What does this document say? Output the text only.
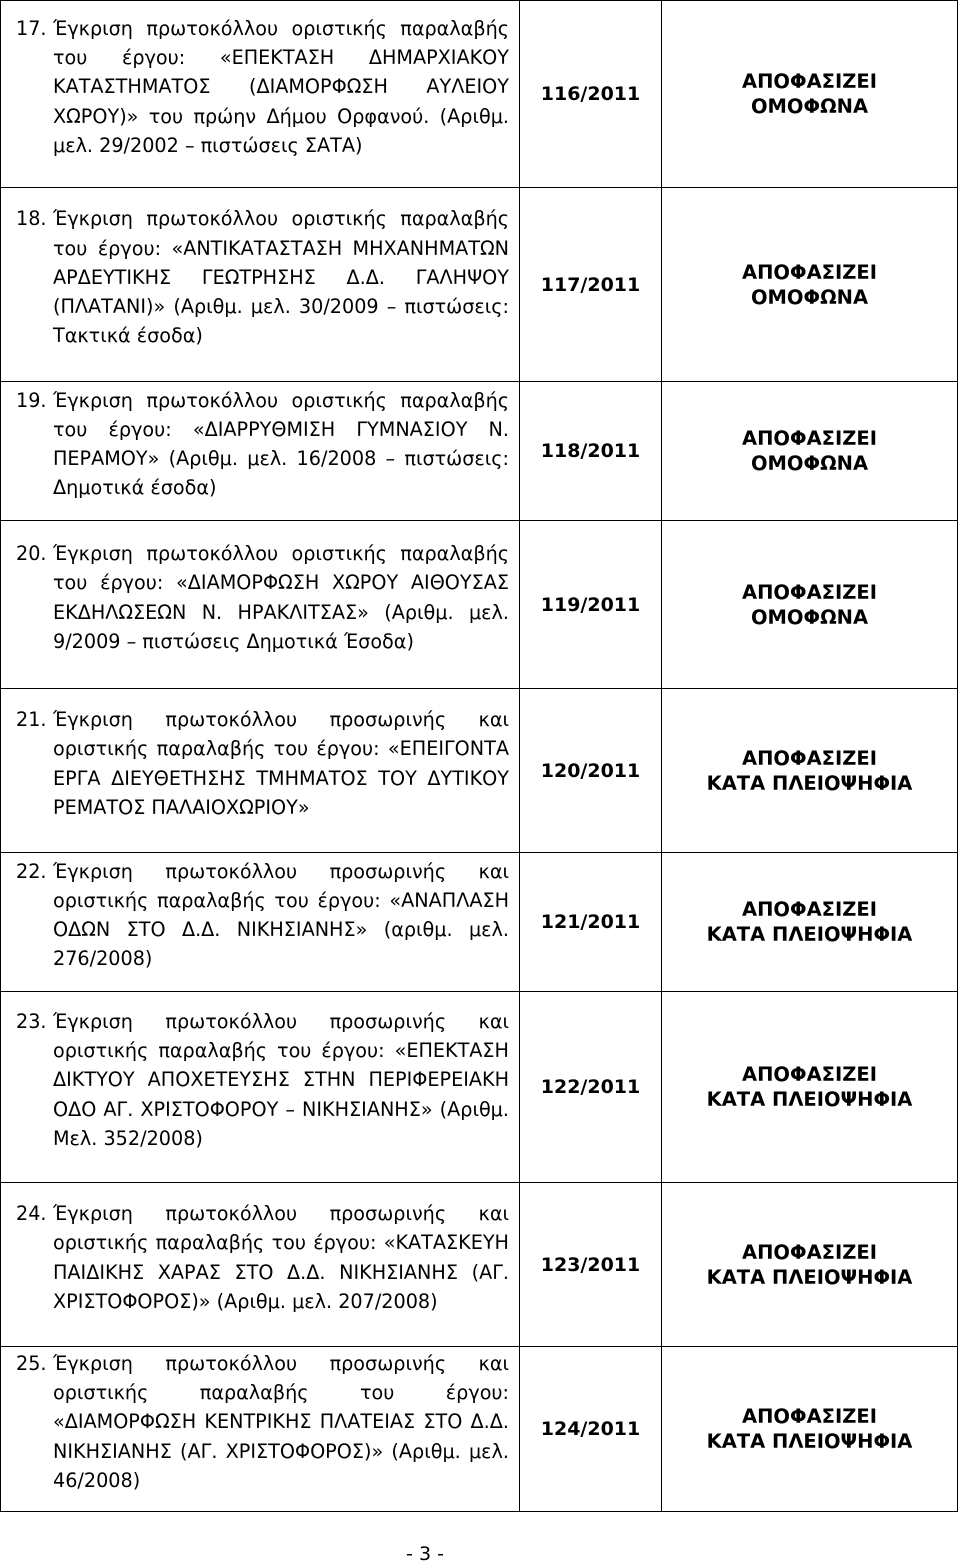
17. Έγκριση πρωτοκόλλου οριστικής παραλαβής του έργου: «ΕΠΕΚΤΑΣΗ ΔΗΜΑΡΧΙΑΚΟΥ ΚΑΤΑΣΤΗΜΑΤΟΣ (ΔΙΑΜΟΡΦΩΣΗ ΑΥΛΕΙΟΥ ΧΩΡΟΥ)» του πρώην Δήμου Ορφανού. (Αριθμ. μελ. 29/2002 – πιστώσεις ΣΑΤΑ)	116/2011	ΑΠΟΦΑΣΙΖΕΙ
ΟΜΟΦΩΝΑ

18. Έγκριση πρωτοκόλλου οριστικής παραλαβής του έργου: «ΑΝΤΙΚΑΤΑΣΤΑΣΗ ΜΗΧΑΝΗΜΑΤΩΝ ΑΡΔΕΥΤΙΚΗΣ ΓΕΩΤΡΗΣΗΣ Δ.Δ. ΓΑΛΗΨΟΥ (ΠΛΑΤΑΝΙ)» (Αριθμ. μελ. 30/2009 – πιστώσεις: Τακτικά έσοδα)	117/2011	ΑΠΟΦΑΣΙΖΕΙ
ΟΜΟΦΩΝΑ

19. Έγκριση πρωτοκόλλου οριστικής παραλαβής του έργου: «ΔΙΑΡΡΥΘΜΙΣΗ ΓΥΜΝΑΣΙΟΥ Ν. ΠΕΡΑΜΟΥ» (Αριθμ. μελ. 16/2008 – πιστώσεις: Δημοτικά έσοδα)	118/2011	ΑΠΟΦΑΣΙΖΕΙ
ΟΜΟΦΩΝΑ

20. Έγκριση πρωτοκόλλου οριστικής παραλαβής του έργου: «ΔΙΑΜΟΡΦΩΣΗ ΧΩΡΟΥ ΑΙΘΟΥΣΑΣ ΕΚΔΗΛΩΣΕΩΝ Ν. ΗΡΑΚΛΙΤΣΑΣ» (Αριθμ. μελ. 9/2009 – πιστώσεις Δημοτικά Έσοδα)	119/2011	ΑΠΟΦΑΣΙΖΕΙ
ΟΜΟΦΩΝΑ

21. Έγκριση πρωτοκόλλου προσωρινής και οριστικής παραλαβής του έργου: «ΕΠΕΙΓΟΝΤΑ ΕΡΓΑ ΔΙΕΥΘΕΤΗΣΗΣ ΤΜΗΜΑΤΟΣ ΤΟΥ ΔΥΤΙΚΟΥ ΡΕΜΑΤΟΣ ΠΑΛΑΙΟΧΩΡΙΟΥ»	120/2011	ΑΠΟΦΑΣΙΖΕΙ
ΚΑΤΑ ΠΛΕΙΟΨΗΦΙΑ

22. Έγκριση πρωτοκόλλου προσωρινής και οριστικής παραλαβής του έργου: «ΑΝΑΠΛΑΣΗ ΟΔΩΝ ΣΤΟ Δ.Δ. ΝΙΚΗΣΙΑΝΗΣ» (αριθμ. μελ. 276/2008)	121/2011	ΑΠΟΦΑΣΙΖΕΙ
ΚΑΤΑ ΠΛΕΙΟΨΗΦΙΑ

23. Έγκριση πρωτοκόλλου προσωρινής και οριστικής παραλαβής του έργου: «ΕΠΕΚΤΑΣΗ ΔΙΚΤΥΟΥ ΑΠΟΧΕΤΕΥΣΗΣ ΣΤΗΝ ΠΕΡΙΦΕΡΕΙΑΚΗ ΟΔΟ ΑΓ. ΧΡΙΣΤΟΦΟΡΟΥ – ΝΙΚΗΣΙΑΝΗΣ» (Αριθμ. Μελ. 352/2008)	122/2011	ΑΠΟΦΑΣΙΖΕΙ
ΚΑΤΑ ΠΛΕΙΟΨΗΦΙΑ

24. Έγκριση πρωτοκόλλου προσωρινής και οριστικής παραλαβής του έργου: «ΚΑΤΑΣΚΕΥΗ ΠΑΙΔΙΚΗΣ ΧΑΡΑΣ ΣΤΟ Δ.Δ. ΝΙΚΗΣΙΑΝΗΣ (ΑΓ. ΧΡΙΣΤΟΦΟΡΟΣ)» (Αριθμ. μελ. 207/2008)	123/2011	ΑΠΟΦΑΣΙΖΕΙ
ΚΑΤΑ ΠΛΕΙΟΨΗΦΙΑ

25. Έγκριση πρωτοκόλλου προσωρινής και οριστικής παραλαβής του έργου: «ΔΙΑΜΟΡΦΩΣΗ ΚΕΝΤΡΙΚΗΣ ΠΛΑΤΕΙΑΣ ΣΤΟ Δ.Δ. ΝΙΚΗΣΙΑΝΗΣ (ΑΓ. ΧΡΙΣΤΟΦΟΡΟΣ)» (Αριθμ. μελ. 46/2008)	124/2011	ΑΠΟΦΑΣΙΖΕΙ
ΚΑΤΑ ΠΛΕΙΟΨΗΦΙΑ
- 3 -
